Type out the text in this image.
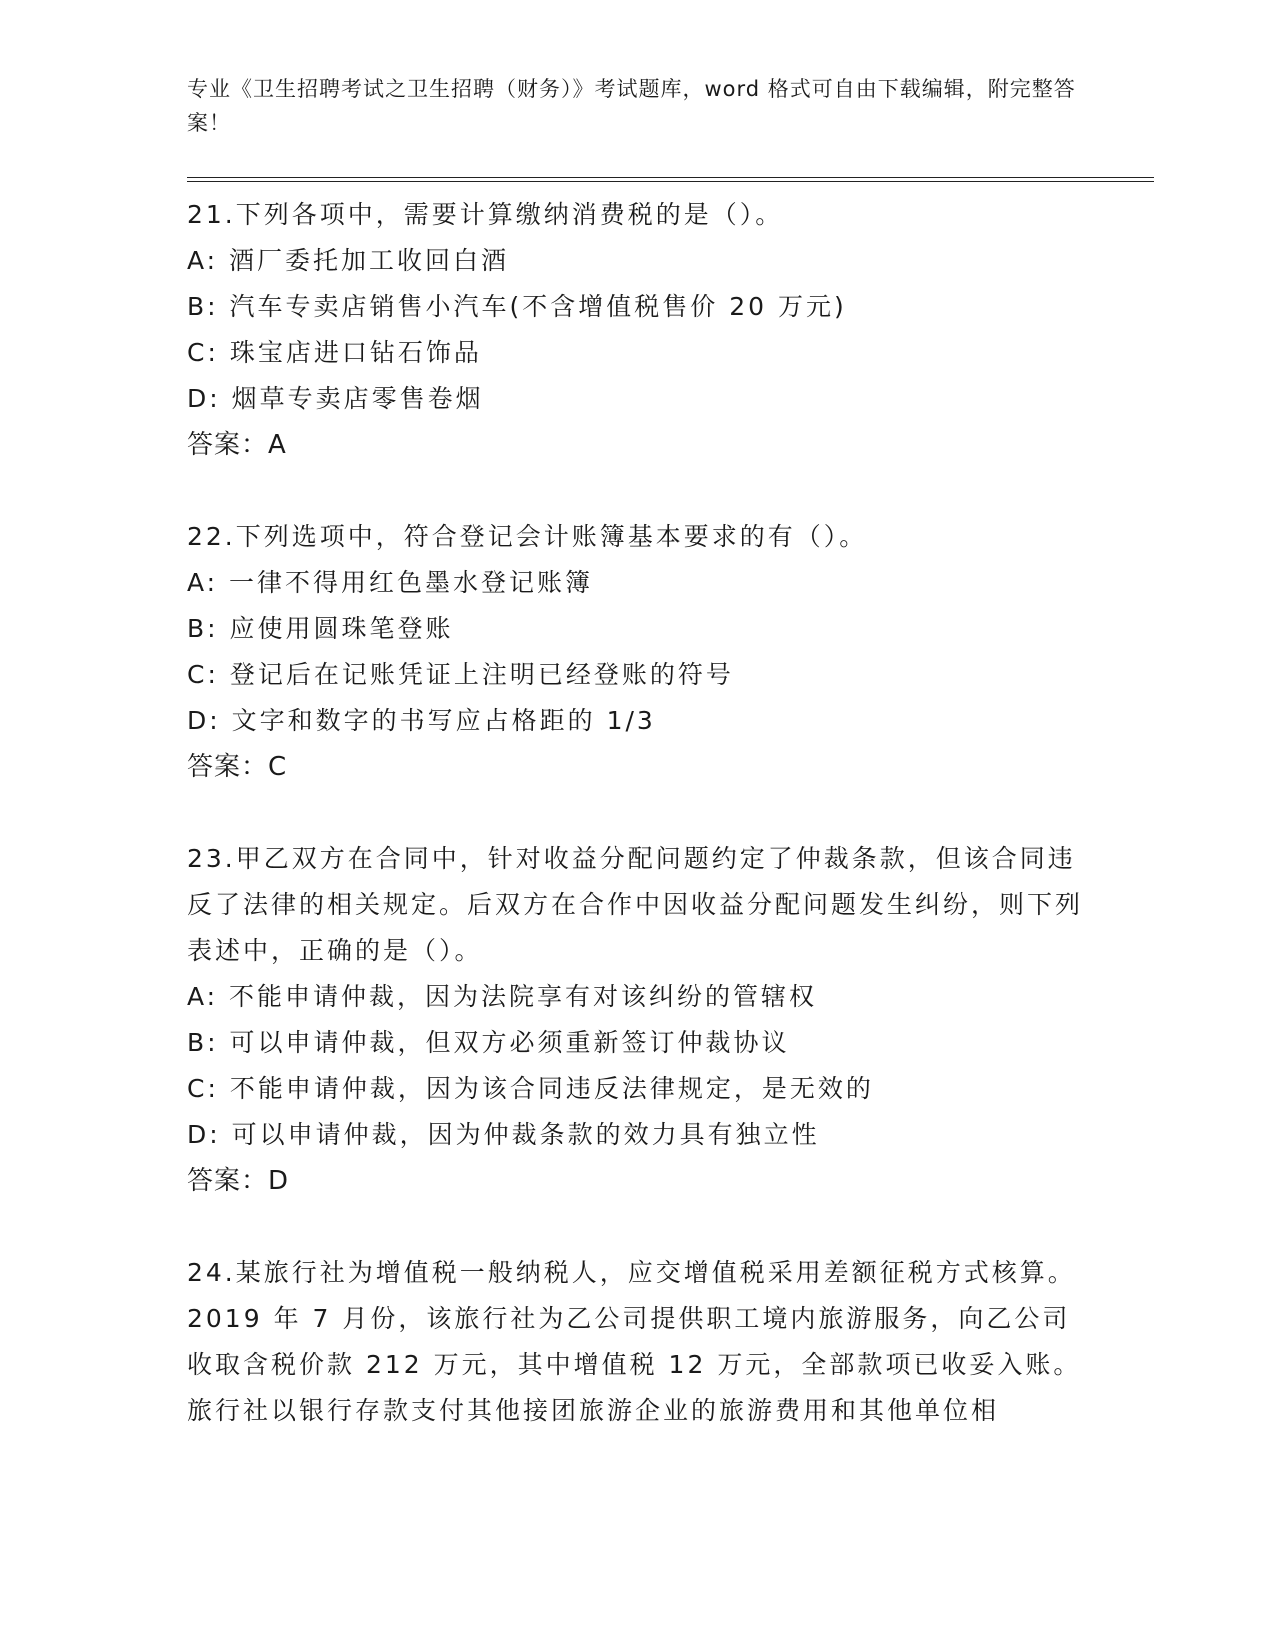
专业《卫生招聘考试之卫生招聘（财务）》考试题库，word 格式可自由下载编辑，附完整答案！
21.下列各项中，需要计算缴纳消费税的是（）。
A: 酒厂委托加工收回白酒
B: 汽车专卖店销售小汽车(不含增值税售价 20 万元)
C: 珠宝店进口钻石饰品
D: 烟草专卖店零售卷烟
答案：A
22.下列选项中，符合登记会计账簿基本要求的有（）。
A: 一律不得用红色墨水登记账簿
B: 应使用圆珠笔登账
C: 登记后在记账凭证上注明已经登账的符号
D: 文字和数字的书写应占格距的 1/3
答案：C
23.甲乙双方在合同中，针对收益分配问题约定了仲裁条款，但该合同违反了法律的相关规定。后双方在合作中因收益分配问题发生纠纷，则下列表述中，正确的是（）。
A: 不能申请仲裁，因为法院享有对该纠纷的管辖权
B: 可以申请仲裁，但双方必须重新签订仲裁协议
C: 不能申请仲裁，因为该合同违反法律规定，是无效的
D: 可以申请仲裁，因为仲裁条款的效力具有独立性
答案：D
24.某旅行社为增值税一般纳税人，应交增值税采用差额征税方式核算。2019 年 7 月份，该旅行社为乙公司提供职工境内旅游服务，向乙公司收取含税价款 212 万元，其中增值税 12 万元，全部款项已收妥入账。旅行社以银行存款支付其他接团旅游企业的旅游费用和其他单位相
